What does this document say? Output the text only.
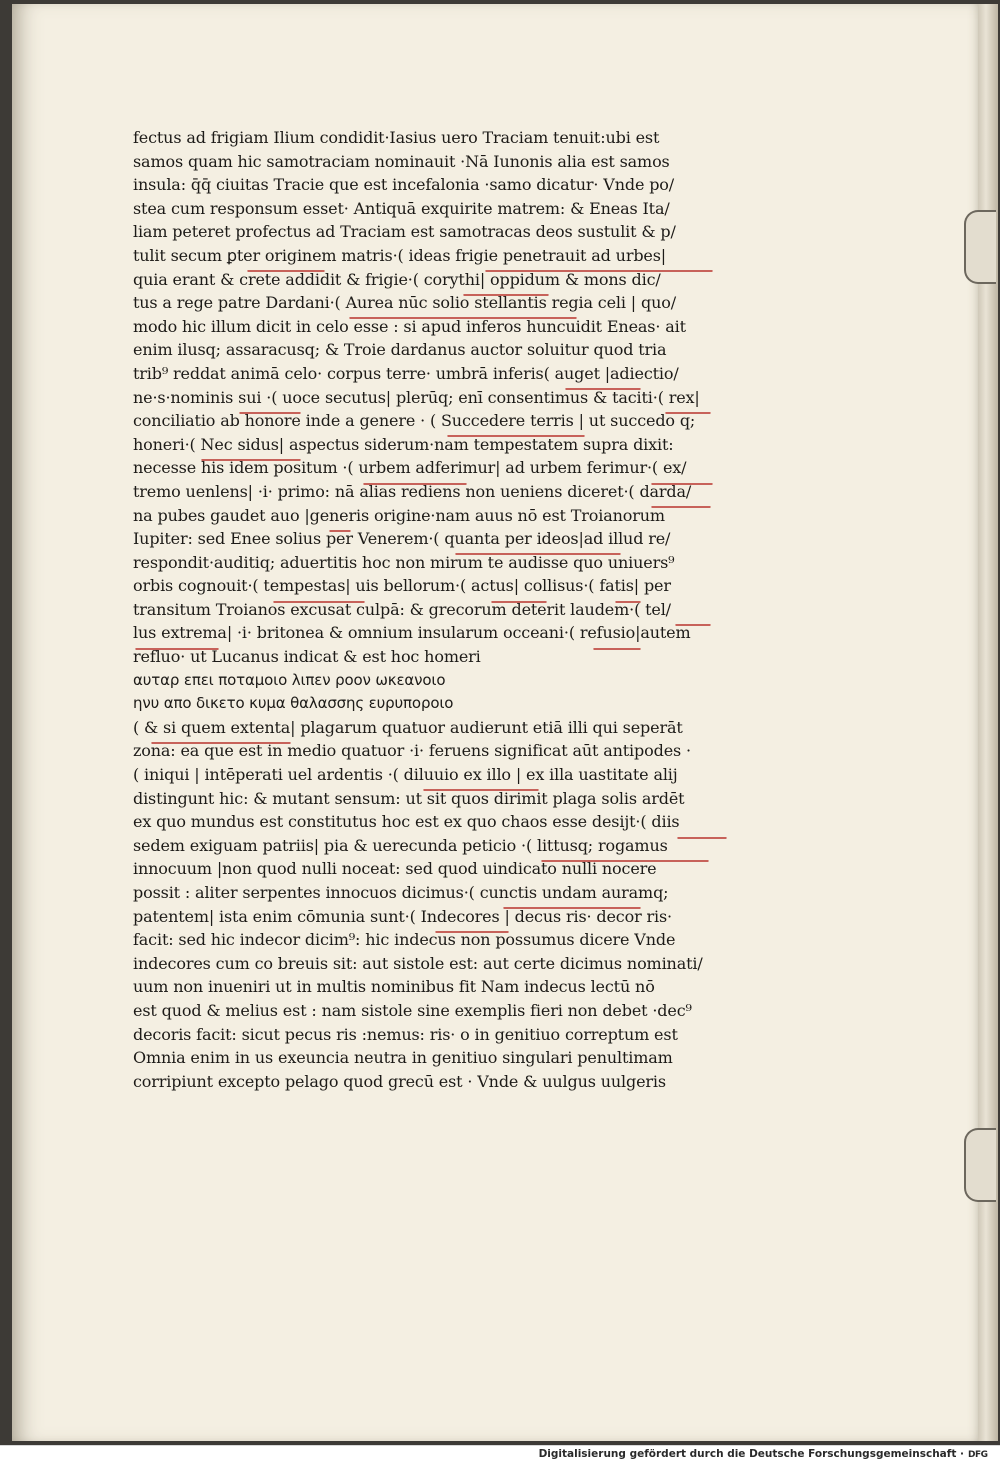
fectus ad frigiam Ilium condidit·Iasius uero Traciam tenuit:ubi est
samos quam hic samotraciam nominauit ·Nā Iunonis alia est samos
insula: q̄q̄ ciuitas Tracie que est incefalonia ·samo dicatur· Vnde po/
stea cum responsum esset· Antiquā exquirite matrem: & Eneas Ita/
liam peteret profectus ad Traciam est samotracas deos sustulit & p/
tulit secum ꝑter originem matris·( ideas frigie penetrauit ad urbes|
quia erant & crete addidit & frigie·( corythi| oppidum & mons dic/
tus a rege patre Dardani·( Aurea nūc solio stellantis regia celi | quo/
modo hic illum dicit in celo esse : si apud inferos huncuidit Eneas· ait
enim ilusq; assaracusq; & Troie dardanus auctor soluitur quod tria
trib⁹ reddat animā celo· corpus terre· umbrā inferis( auget |adiectio/
ne·s·nominis sui ·( uoce secutus| plerūq; enī consentimus & taciti·( rex|
conciliatio ab honore inde a genere · ( Succedere terris | ut succedo q;
honeri·( Nec sidus| aspectus siderum·nam tempestatem supra dixit:
necesse his idem positum ·( urbem adferimur| ad urbem ferimur·( ex/
tremo uenlens| ·i· primo: nā alias rediens non ueniens diceret·( darda/
na pubes gaudet auo |generis origine·nam auus nō est Troianorum
Iupiter: sed Enee solius per Venerem·( quanta per ideos|ad illud re/
respondit·auditiq; aduertitis hoc non mirum te audisse quo uniuers⁹
orbis cognouit·( tempestas| uis bellorum·( actus| collisus·( fatis| per
transitum Troianos excusat culpā: & grecorum deterit laudem·( tel/
lus extrema| ·i· britonea & omnium insularum occeani·( refusio|autem
refluo· ut Lucanus indicat & est hoc homeri
αυταρ επει ποταμοιο λιπεν ροον ωκεανοιο
ηνυ απο δικετο κυμα θαλασσης ευρυποροιο
( & si quem extenta| plagarum quatuor audierunt etiā illi qui seperāt
zona: ea que est in medio quatuor ·i· feruens significat aūt antipodes ·
( iniqui | intēperati uel ardentis ·( diluuio ex illo | ex illa uastitate alij
distingunt hic: & mutant sensum: ut sit quos dirimit plaga solis ardēt
ex quo mundus est constitutus hoc est ex quo chaos esse desijt·( diis
sedem exiguam patriis| pia & uerecunda peticio ·( littusq; rogamus
innocuum |non quod nulli noceat: sed quod uindicato nulli nocere
possit : aliter serpentes innocuos dicimus·( cunctis undam auramq;
patentem| ista enim cōmunia sunt·( Indecores | decus ris· decor ris·
facit: sed hic indecor dicim⁹: hic indecus non possumus dicere Vnde
indecores cum co breuis sit: aut sistole est: aut certe dicimus nominati/
uum non inueniri ut in multis nominibus fit Nam indecus lectū nō
est quod & melius est : nam sistole sine exemplis fieri non debet ·dec⁹
decoris facit: sicut pecus ris :nemus: ris· o in genitiuo correptum est
Omnia enim in us exeuncia neutra in genitiuo singulari penultimam
corripiunt excepto pelago quod grecū est · Vnde & uulgus uulgeris
Digitalisierung gefördert durch die Deutsche Forschungsgemeinschaft · DFG
